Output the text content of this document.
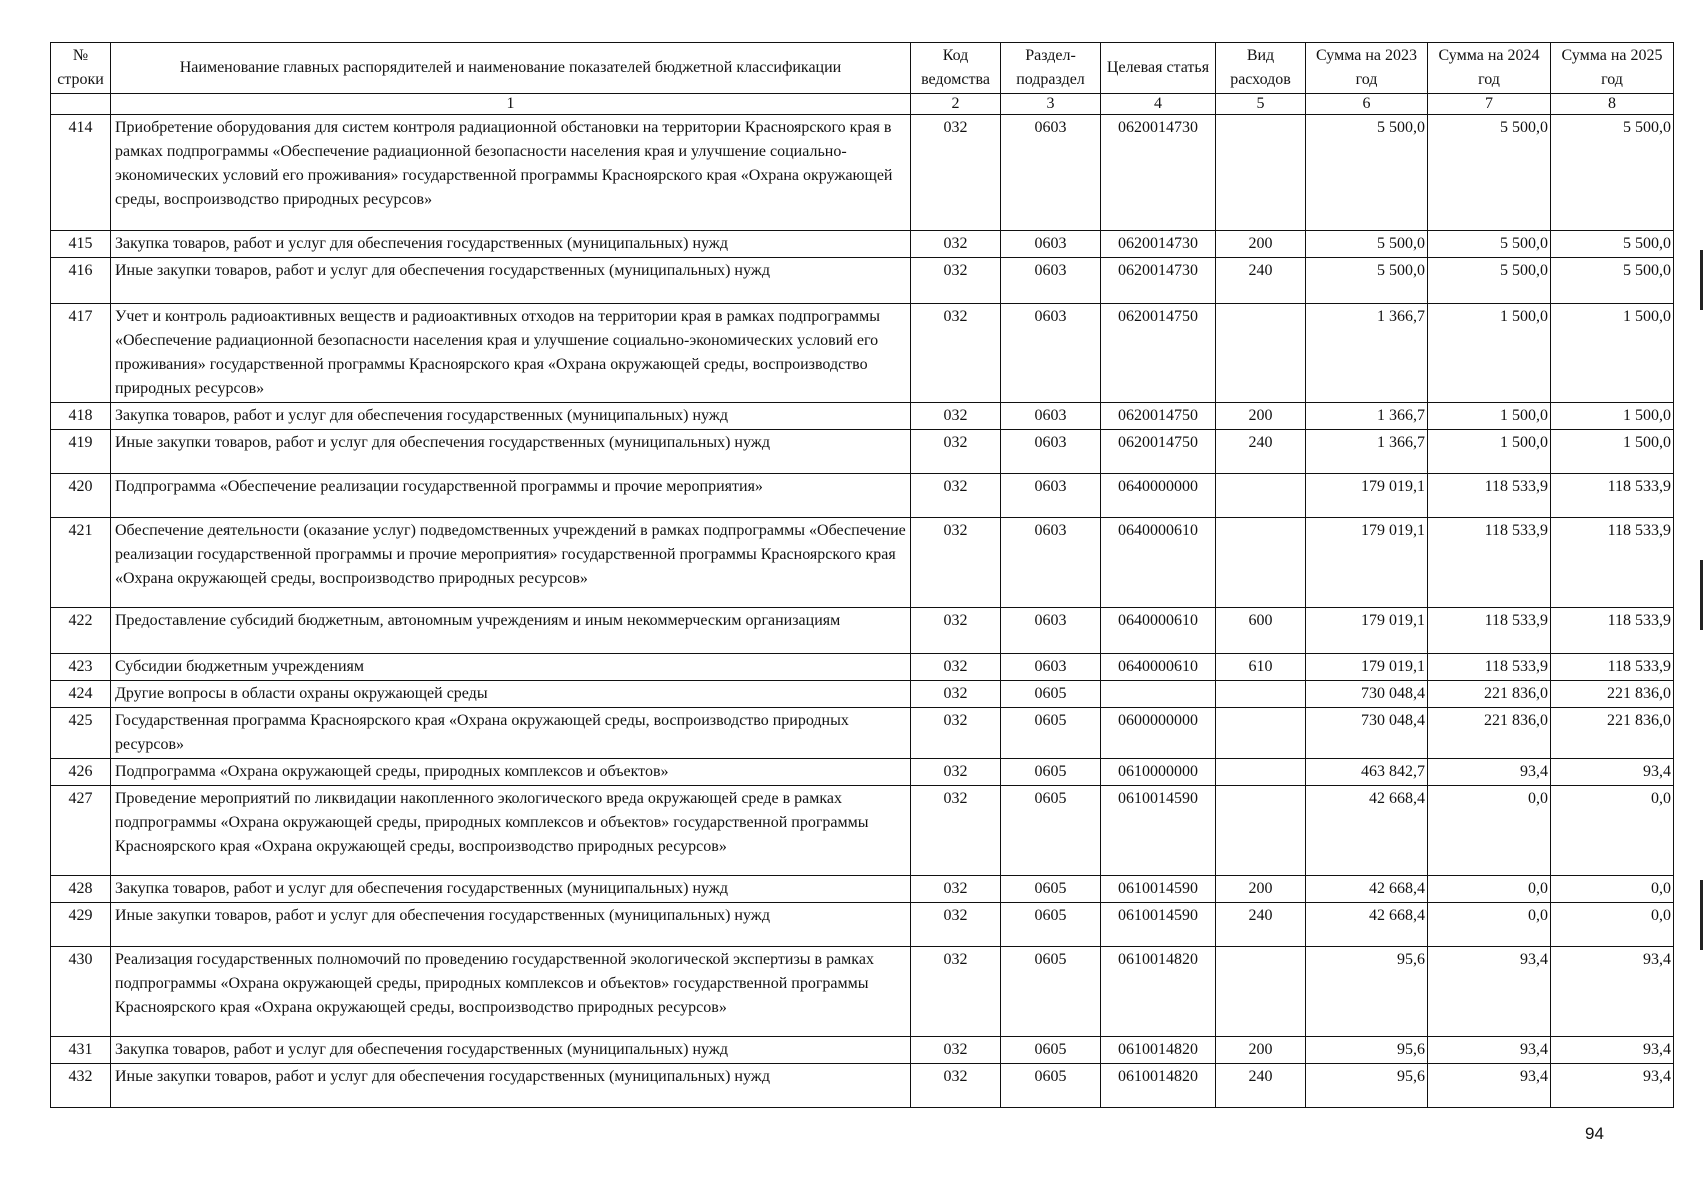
№ строки	Наименование главных распорядителей и наименование показателей бюджетной классификации	Код ведомства	Раздел-подраздел	Целевая статья	Вид расходов	Сумма на 2023 год	Сумма на 2024 год	Сумма на 2025 год
	1	2	3	4	5	6	7	8
414	Приобретение оборудования для систем контроля радиационной обстановки на территории Красноярского края в рамках подпрограммы «Обеспечение радиационной безопасности населения края и улучшение социально-экономических условий его проживания» государственной программы Красноярского края «Охрана окружающей среды, воспроизводство природных ресурсов»	032	0603	0620014730		5 500,0	5 500,0	5 500,0
415	Закупка товаров, работ и услуг для обеспечения государственных (муниципальных) нужд	032	0603	0620014730	200	5 500,0	5 500,0	5 500,0
416	Иные закупки товаров, работ и услуг для обеспечения государственных (муниципальных) нужд	032	0603	0620014730	240	5 500,0	5 500,0	5 500,0
417	Учет и контроль радиоактивных веществ и радиоактивных отходов на территории края в рамках подпрограммы «Обеспечение радиационной безопасности населения края и улучшение социально-экономических условий его проживания» государственной программы Красноярского края «Охрана окружающей среды, воспроизводство природных ресурсов»	032	0603	0620014750		1 366,7	1 500,0	1 500,0
418	Закупка товаров, работ и услуг для обеспечения государственных (муниципальных) нужд	032	0603	0620014750	200	1 366,7	1 500,0	1 500,0
419	Иные закупки товаров, работ и услуг для обеспечения государственных (муниципальных) нужд	032	0603	0620014750	240	1 366,7	1 500,0	1 500,0
420	Подпрограмма «Обеспечение реализации государственной программы и прочие мероприятия»	032	0603	0640000000		179 019,1	118 533,9	118 533,9
421	Обеспечение деятельности (оказание услуг) подведомственных учреждений в рамках подпрограммы «Обеспечение реализации государственной программы и прочие мероприятия» государственной программы Красноярского края «Охрана окружающей среды, воспроизводство природных ресурсов»	032	0603	0640000610		179 019,1	118 533,9	118 533,9
422	Предоставление субсидий бюджетным, автономным учреждениям и иным некоммерческим организациям	032	0603	0640000610	600	179 019,1	118 533,9	118 533,9
423	Субсидии бюджетным учреждениям	032	0603	0640000610	610	179 019,1	118 533,9	118 533,9
424	Другие вопросы в области охраны окружающей среды	032	0605			730 048,4	221 836,0	221 836,0
425	Государственная программа Красноярского края «Охрана окружающей среды, воспроизводство природных ресурсов»	032	0605	0600000000		730 048,4	221 836,0	221 836,0
426	Подпрограмма «Охрана окружающей среды, природных комплексов и объектов»	032	0605	0610000000		463 842,7	93,4	93,4
427	Проведение мероприятий по ликвидации накопленного экологического вреда окружающей среде в рамках подпрограммы «Охрана окружающей среды, природных комплексов и объектов» государственной программы Красноярского края «Охрана окружающей среды, воспроизводство природных ресурсов»	032	0605	0610014590		42 668,4	0,0	0,0
428	Закупка товаров, работ и услуг для обеспечения государственных (муниципальных) нужд	032	0605	0610014590	200	42 668,4	0,0	0,0
429	Иные закупки товаров, работ и услуг для обеспечения государственных (муниципальных) нужд	032	0605	0610014590	240	42 668,4	0,0	0,0
430	Реализация государственных полномочий по проведению государственной экологической экспертизы в рамках подпрограммы «Охрана окружающей среды, природных комплексов и объектов» государственной программы Красноярского края «Охрана окружающей среды, воспроизводство природных ресурсов»	032	0605	0610014820		95,6	93,4	93,4
431	Закупка товаров, работ и услуг для обеспечения государственных (муниципальных) нужд	032	0605	0610014820	200	95,6	93,4	93,4
432	Иные закупки товаров, работ и услуг для обеспечения государственных (муниципальных) нужд	032	0605	0610014820	240	95,6	93,4	93,4
94
